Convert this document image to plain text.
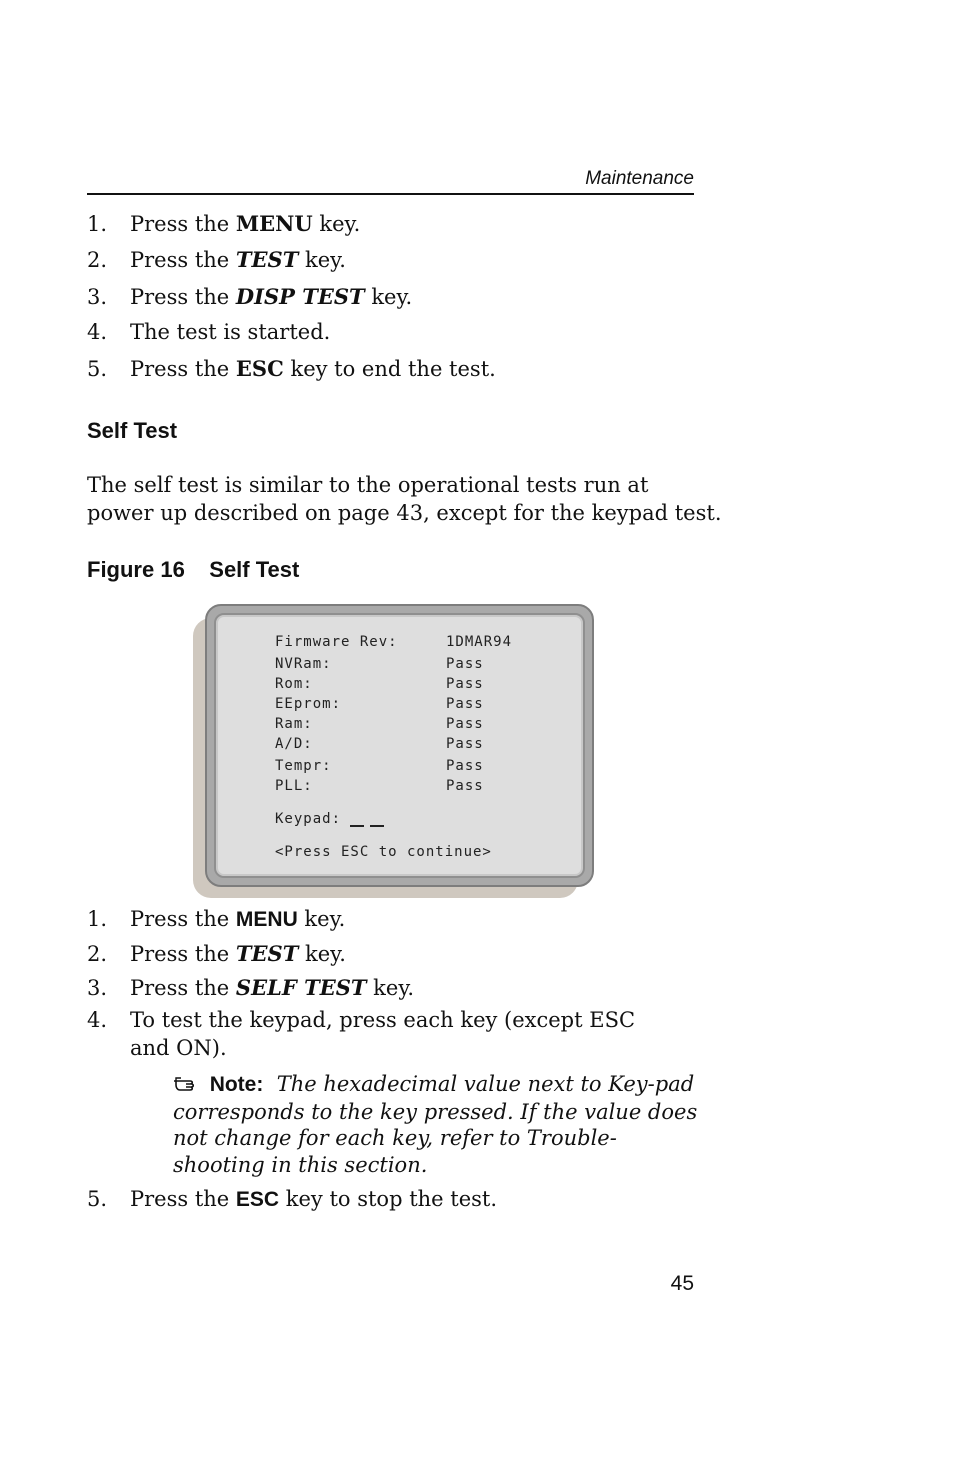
Maintenance
1. Press the MENU key.
2. Press the TEST key.
3. Press the DISP TEST key.
4. The test is started.
5. Press the ESC key to end the test.
Self Test
The self test is similar to the operational tests run at
power up described on page 43, except for the keypad test.
Figure 16 Self Test
Firmware Rev:	1DMAR94
NVRam:	Pass
Rom:	Pass
EEprom:	Pass
Ram:	Pass
A/D:	Pass
Tempr:	Pass
PLL:	Pass
Keypad:
<Press ESC to continue>
1. Press the MENU key.
2. Press the TEST key.
3. Press the SELF TEST key.
4. To test the keypad, press each key (except ESC
and ON).
Note: The hexadecimal value next to Key-pad corresponds to the key pressed. If the value does not change for each key, refer to Trouble-shooting in this section.
5. Press the ESC key to stop the test.
45
